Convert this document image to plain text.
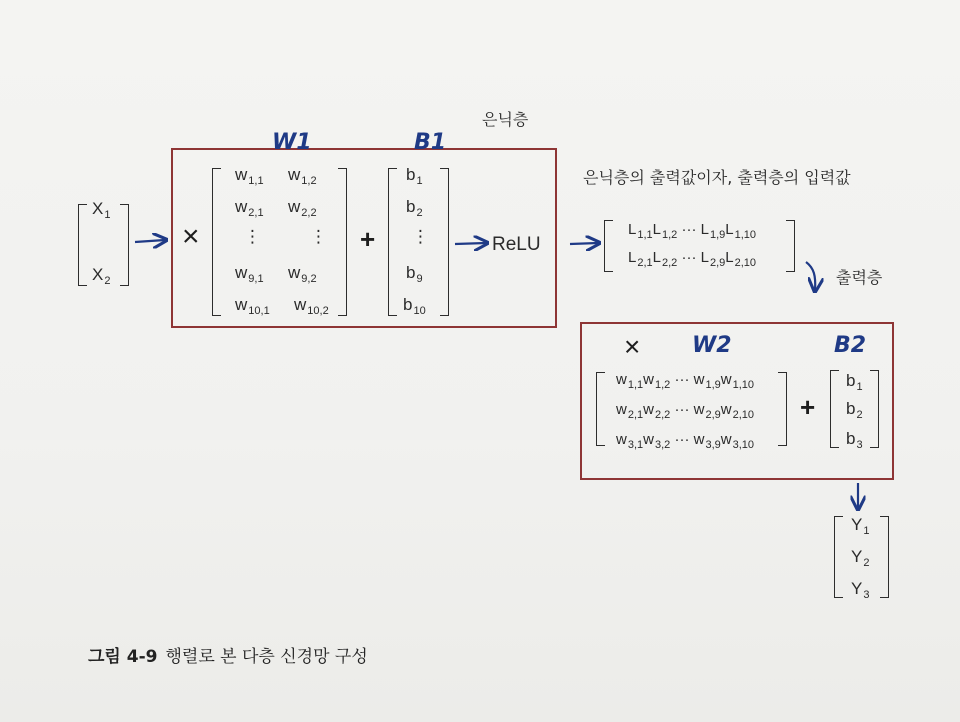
은닉층
W1	B1
$X_1$
$X_2$
×
$w_{1,1}$ $w_{1,2}$
$w_{2,1}$ $w_{2,2}$
⋮	⋮
$w_{9,1}$ $w_{9,2}$
$w_{10,1}$ $w_{10,2}$
+
$b_1$
$b_2$
⋮
$b_9$
$b_{10}$
ReLU
은닉층의 출력값이자, 출력층의 입력값
$L_{1,1}L_{1,2}$ ··· $L_{1,9}L_{1,10}$
$L_{2,1}L_{2,2}$ ··· $L_{2,9}L_{2,10}$
출력층
× W2	B2
$w_{1,1}w_{1,2}$ ··· $w_{1,9}w_{1,10}$
$w_{2,1}w_{2,2}$ ··· $w_{2,9}w_{2,10}$
$w_{3,1}w_{3,2}$ ··· $w_{3,9}w_{3,10}$
+
$b_1$
$b_2$
$b_3$
$Y_1$
$Y_2$
$Y_3$
그림 4-9 행렬로 본 다층 신경망 구성
